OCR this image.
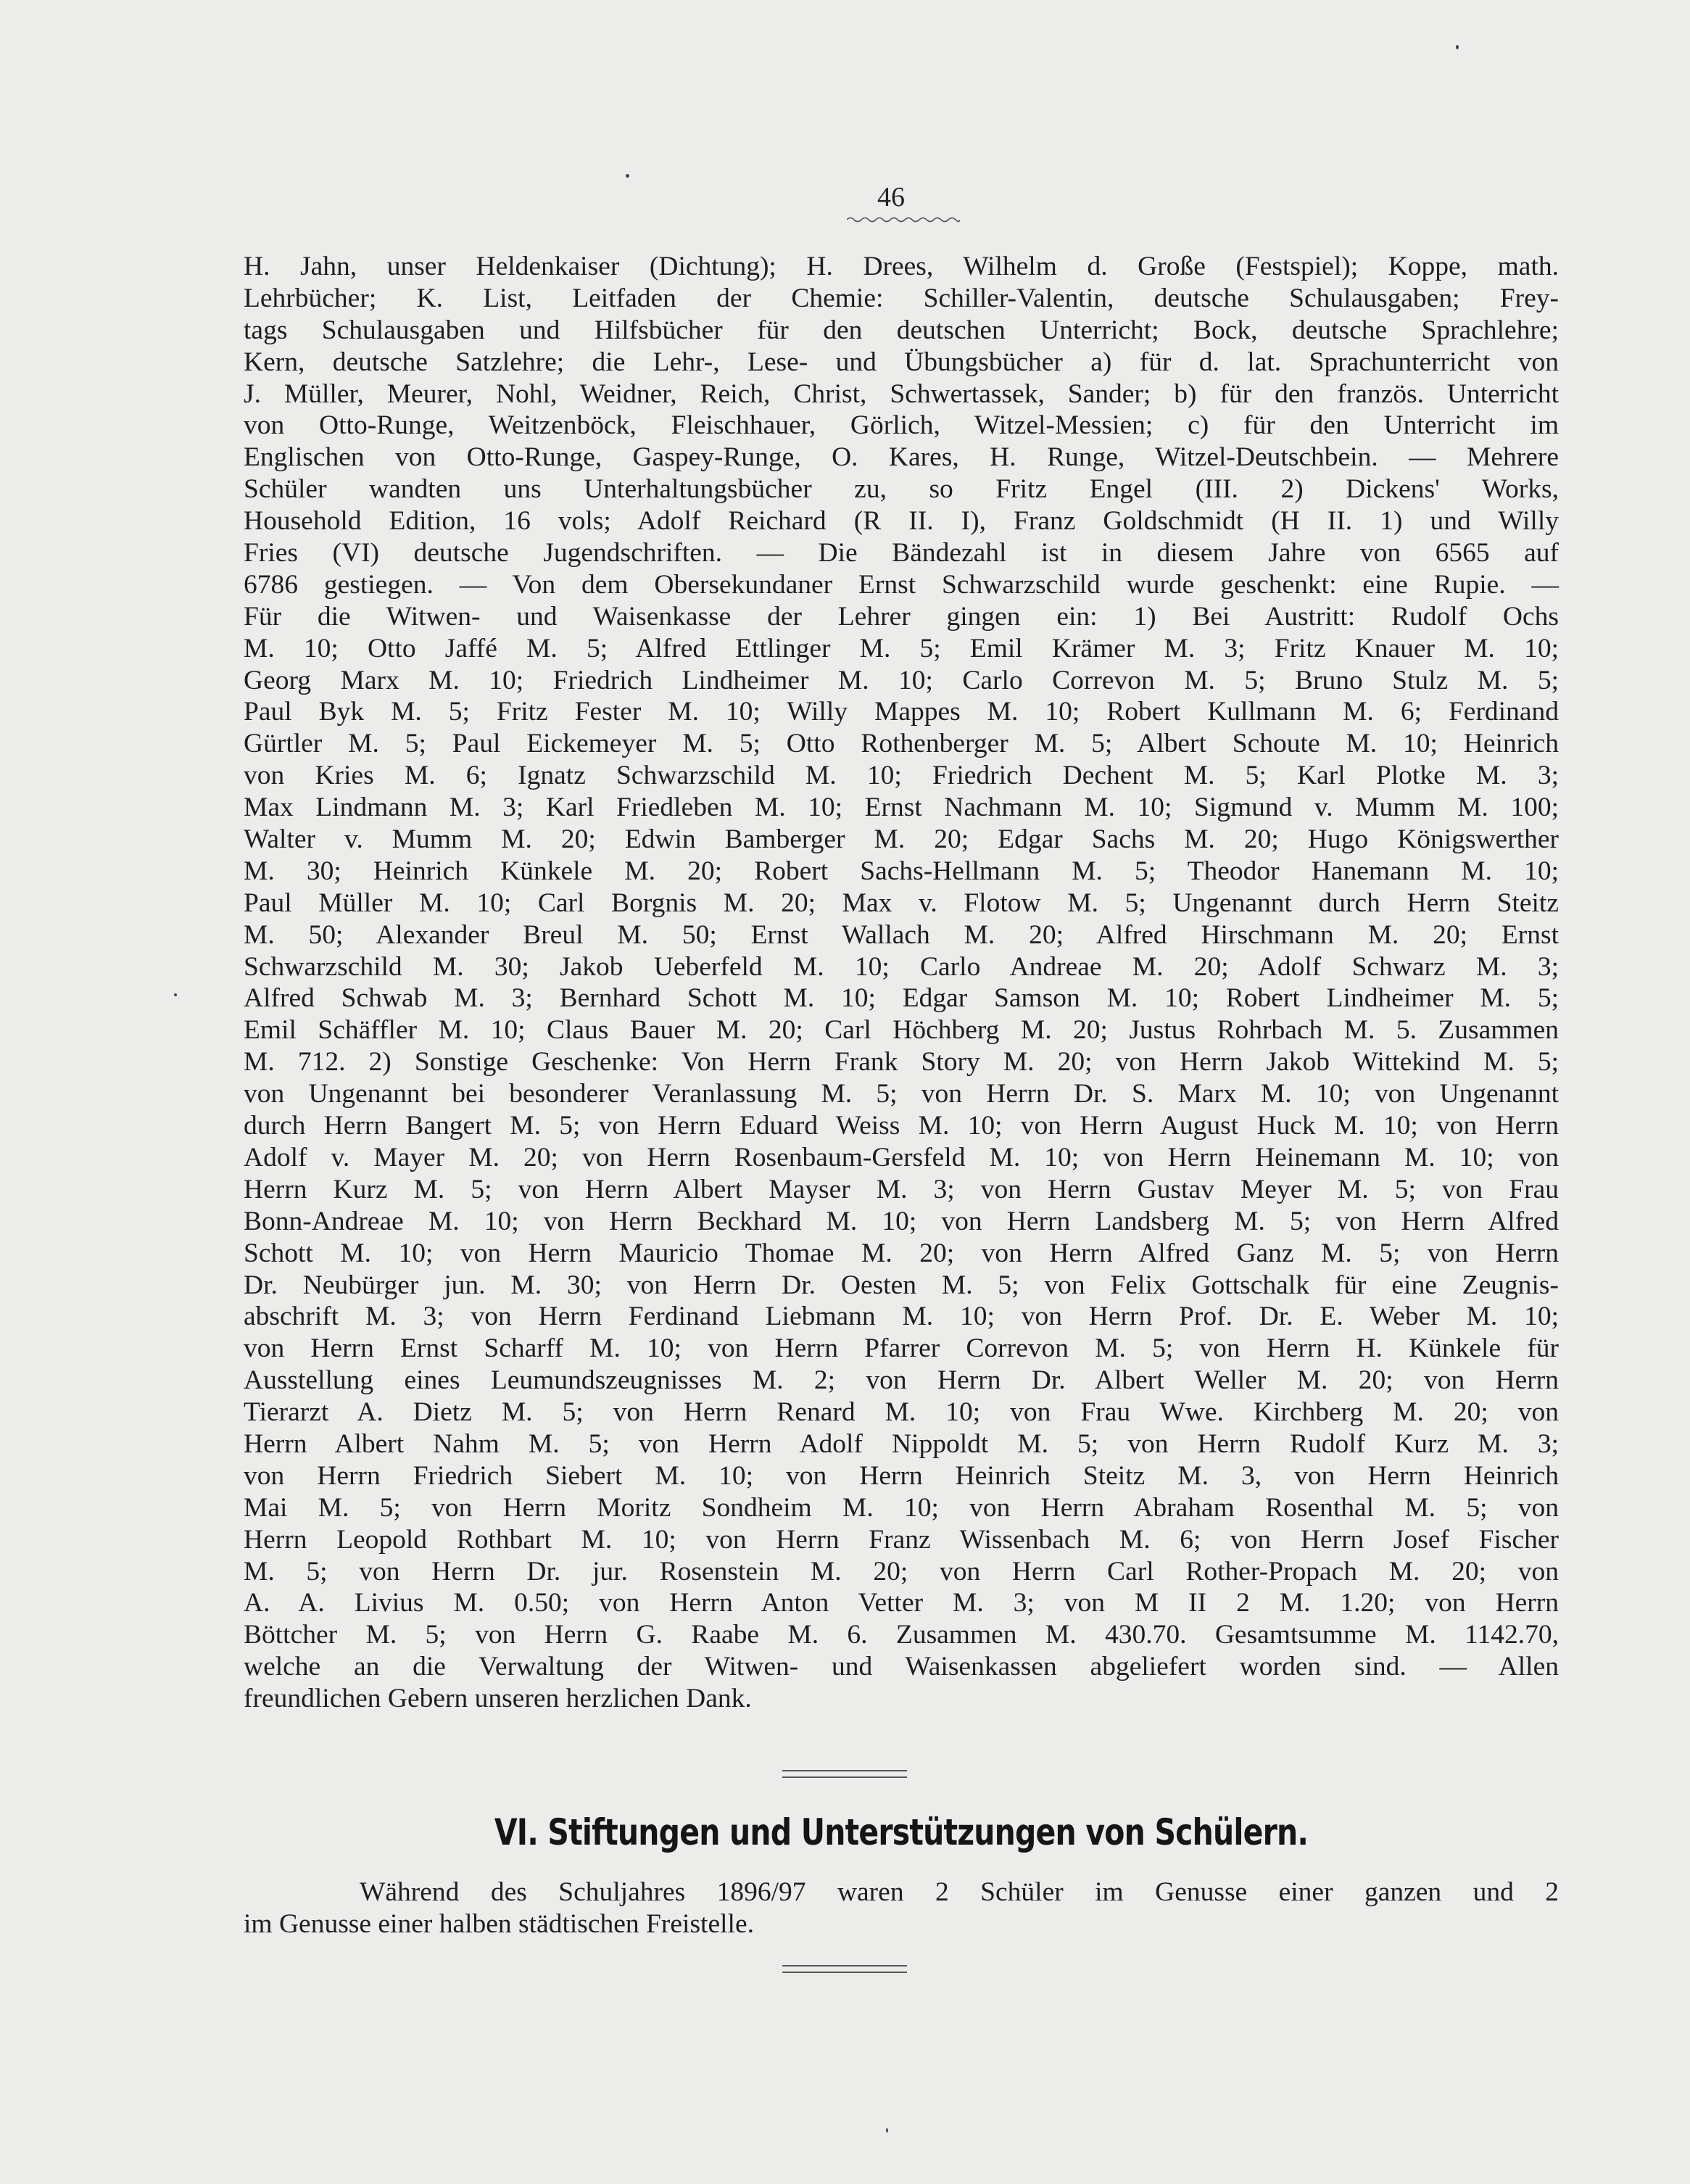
46
H. Jahn, unser Heldenkaiser (Dichtung); H. Drees, Wilhelm d. Große (Festspiel); Koppe, math.
Lehrbücher; K. List, Leitfaden der Chemie: Schiller-Valentin, deutsche Schulausgaben; Frey-
tags Schulausgaben und Hilfsbücher für den deutschen Unterricht; Bock, deutsche Sprachlehre;
Kern, deutsche Satzlehre; die Lehr-, Lese- und Übungsbücher a) für d. lat. Sprachunterricht von
J. Müller, Meurer, Nohl, Weidner, Reich, Christ, Schwertassek, Sander; b) für den französ. Unterricht
von Otto-Runge, Weitzenböck, Fleischhauer, Görlich, Witzel-Messien; c) für den Unterricht im
Englischen von Otto-Runge, Gaspey-Runge, O. Kares, H. Runge, Witzel-Deutschbein. — Mehrere
Schüler wandten uns Unterhaltungsbücher zu, so Fritz Engel (III. 2) Dickens' Works,
Household Edition, 16 vols; Adolf Reichard (R II. I), Franz Goldschmidt (H II. 1) und Willy
Fries (VI) deutsche Jugendschriften. — Die Bändezahl ist in diesem Jahre von 6565 auf
6786 gestiegen. — Von dem Obersekundaner Ernst Schwarzschild wurde geschenkt: eine Rupie. —
Für die Witwen- und Waisenkasse der Lehrer gingen ein: 1) Bei Austritt: Rudolf Ochs
M. 10; Otto Jaffé M. 5; Alfred Ettlinger M. 5; Emil Krämer M. 3; Fritz Knauer M. 10;
Georg Marx M. 10; Friedrich Lindheimer M. 10; Carlo Correvon M. 5; Bruno Stulz M. 5;
Paul Byk M. 5; Fritz Fester M. 10; Willy Mappes M. 10; Robert Kullmann M. 6; Ferdinand
Gürtler M. 5; Paul Eickemeyer M. 5; Otto Rothenberger M. 5; Albert Schoute M. 10; Heinrich
von Kries M. 6; Ignatz Schwarzschild M. 10; Friedrich Dechent M. 5; Karl Plotke M. 3;
Max Lindmann M. 3; Karl Friedleben M. 10; Ernst Nachmann M. 10; Sigmund v. Mumm M. 100;
Walter v. Mumm M. 20; Edwin Bamberger M. 20; Edgar Sachs M. 20; Hugo Königswerther
M. 30; Heinrich Künkele M. 20; Robert Sachs-Hellmann M. 5; Theodor Hanemann M. 10;
Paul Müller M. 10; Carl Borgnis M. 20; Max v. Flotow M. 5; Ungenannt durch Herrn Steitz
M. 50; Alexander Breul M. 50; Ernst Wallach M. 20; Alfred Hirschmann M. 20; Ernst
Schwarzschild M. 30; Jakob Ueberfeld M. 10; Carlo Andreae M. 20; Adolf Schwarz M. 3;
Alfred Schwab M. 3; Bernhard Schott M. 10; Edgar Samson M. 10; Robert Lindheimer M. 5;
Emil Schäffler M. 10; Claus Bauer M. 20; Carl Höchberg M. 20; Justus Rohrbach M. 5. Zusammen
M. 712. 2) Sonstige Geschenke: Von Herrn Frank Story M. 20; von Herrn Jakob Wittekind M. 5;
von Ungenannt bei besonderer Veranlassung M. 5; von Herrn Dr. S. Marx M. 10; von Ungenannt
durch Herrn Bangert M. 5; von Herrn Eduard Weiss M. 10; von Herrn August Huck M. 10; von Herrn
Adolf v. Mayer M. 20; von Herrn Rosenbaum-Gersfeld M. 10; von Herrn Heinemann M. 10; von
Herrn Kurz M. 5; von Herrn Albert Mayser M. 3; von Herrn Gustav Meyer M. 5; von Frau
Bonn-Andreae M. 10; von Herrn Beckhard M. 10; von Herrn Landsberg M. 5; von Herrn Alfred
Schott M. 10; von Herrn Mauricio Thomae M. 20; von Herrn Alfred Ganz M. 5; von Herrn
Dr. Neubürger jun. M. 30; von Herrn Dr. Oesten M. 5; von Felix Gottschalk für eine Zeugnis-
abschrift M. 3; von Herrn Ferdinand Liebmann M. 10; von Herrn Prof. Dr. E. Weber M. 10;
von Herrn Ernst Scharff M. 10; von Herrn Pfarrer Correvon M. 5; von Herrn H. Künkele für
Ausstellung eines Leumundszeugnisses M. 2; von Herrn Dr. Albert Weller M. 20; von Herrn
Tierarzt A. Dietz M. 5; von Herrn Renard M. 10; von Frau Wwe. Kirchberg M. 20; von
Herrn Albert Nahm M. 5; von Herrn Adolf Nippoldt M. 5; von Herrn Rudolf Kurz M. 3;
von Herrn Friedrich Siebert M. 10; von Herrn Heinrich Steitz M. 3, von Herrn Heinrich
Mai M. 5; von Herrn Moritz Sondheim M. 10; von Herrn Abraham Rosenthal M. 5; von
Herrn Leopold Rothbart M. 10; von Herrn Franz Wissenbach M. 6; von Herrn Josef Fischer
M. 5; von Herrn Dr. jur. Rosenstein M. 20; von Herrn Carl Rother-Propach M. 20; von
A. A. Livius M. 0.50; von Herrn Anton Vetter M. 3; von M II 2 M. 1.20; von Herrn
Böttcher M. 5; von Herrn G. Raabe M. 6. Zusammen M. 430.70. Gesamtsumme M. 1142.70,
welche an die Verwaltung der Witwen- und Waisenkassen abgeliefert worden sind. — Allen
freundlichen Gebern unseren herzlichen Dank.
VI. Stiftungen und Unterstützungen von Schülern.
Während des Schuljahres 1896/97 waren 2 Schüler im Genusse einer ganzen und 2
im Genusse einer halben städtischen Freistelle.
